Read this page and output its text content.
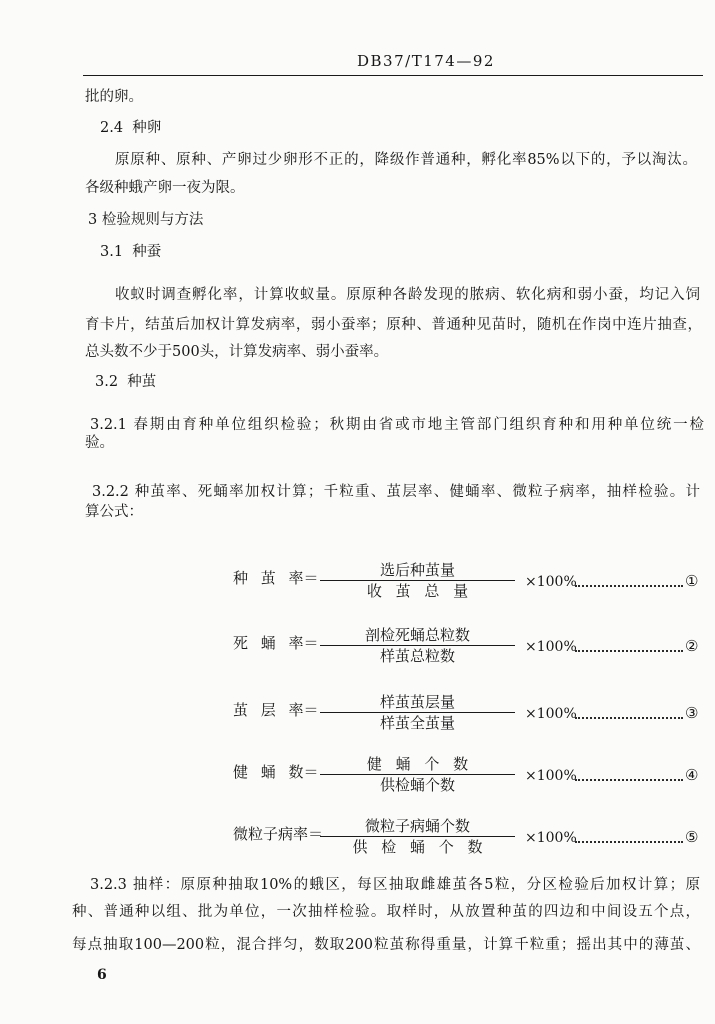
DB37/T174—92
批的卵。
2.4  种卵
原原种、原种、产卵过少卵形不正的，降级作普通种，孵化率85%以下的，予以淘汰。
各级种蛾产卵一夜为限。
3 检验规则与方法
3.1  种蚕
收蚁时调查孵化率，计算收蚁量。原原种各龄发现的脓病、软化病和弱小蚕，均记入饲
育卡片，结茧后加权计算发病率，弱小蚕率；原种、普通种见苗时，随机在作岗中连片抽查，
总头数不少于500头，计算发病率、弱小蚕率。
3.2  种茧
3.2.1 春期由育种单位组织检验；秋期由省或市地主管部门组织育种和用种单位统一检
验。
3.2.2 种茧率、死蛹率加权计算；千粒重、茧层率、健蛹率、微粒子病率，抽样检验。计
算公式：
种 茧 率＝	选后种茧量
收 茧 总 量	×100%	①
死 蛹 率＝	剖检死蛹总粒数
样茧总粒数	×100%	②
茧 层 率＝	样茧茧层量
样茧全茧量	×100%	③
健 蛹 数＝	健 蛹 个 数
供检蛹个数	×100%	④
微粒子病率＝	微粒子病蛹个数
供 检 蛹 个 数	×100%	⑤
3.2.3 抽样：原原种抽取10%的蛾区，每区抽取雌雄茧各5粒，分区检验后加权计算；原
种、普通种以组、批为单位，一次抽样检验。取样时，从放置种茧的四边和中间设五个点，
每点抽取100—200粒，混合拌匀，数取200粒茧称得重量，计算千粒重；摇出其中的薄茧、
6
